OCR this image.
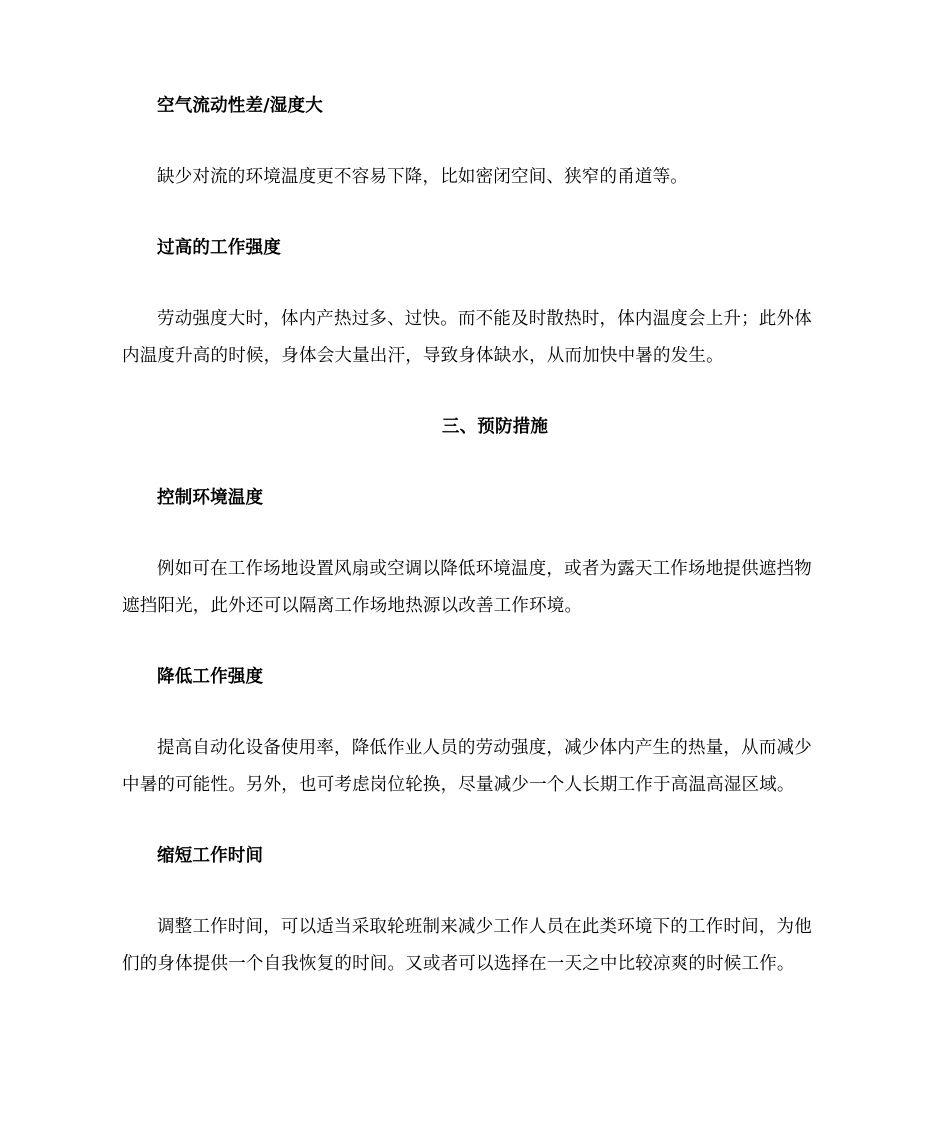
空气流动性差/湿度大
缺少对流的环境温度更不容易下降，比如密闭空间、狭窄的甬道等。
过高的工作强度
劳动强度大时，体内产热过多、过快。而不能及时散热时，体内温度会上升；此外体
内温度升高的时候，身体会大量出汗，导致身体缺水，从而加快中暑的发生。
三、预防措施
控制环境温度
例如可在工作场地设置风扇或空调以降低环境温度，或者为露天工作场地提供遮挡物
遮挡阳光，此外还可以隔离工作场地热源以改善工作环境。
降低工作强度
提高自动化设备使用率，降低作业人员的劳动强度，减少体内产生的热量，从而减少
中暑的可能性。另外，也可考虑岗位轮换，尽量减少一个人长期工作于高温高湿区域。
缩短工作时间
调整工作时间，可以适当采取轮班制来减少工作人员在此类环境下的工作时间，为他
们的身体提供一个自我恢复的时间。又或者可以选择在一天之中比较凉爽的时候工作。
